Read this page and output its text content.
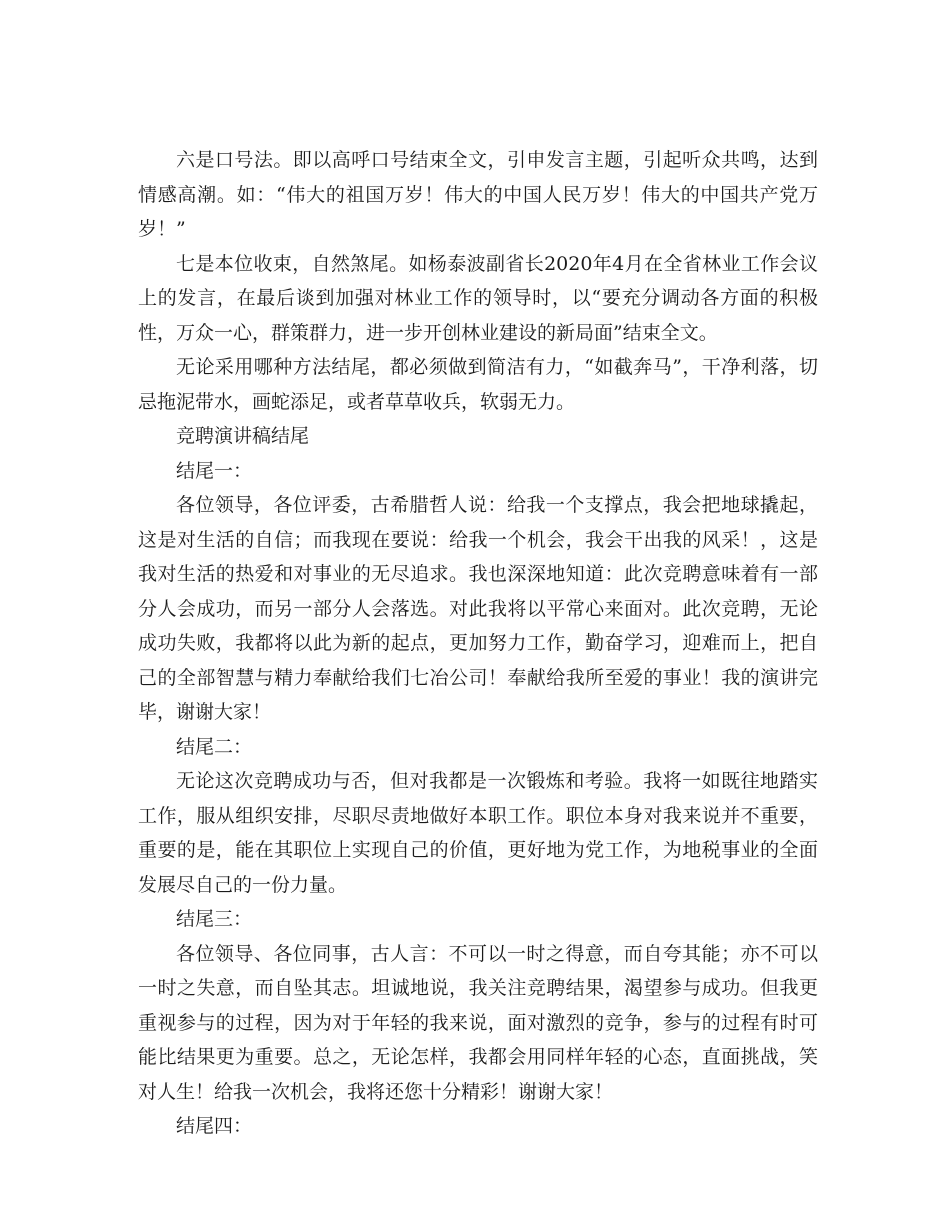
六是口号法。即以高呼口号结束全文，引申发言主题，引起听众共鸣，达到情感高潮。如：“伟大的祖国万岁！伟大的中国人民万岁！伟大的中国共产党万岁！”

七是本位收束，自然煞尾。如杨泰波副省长2020年4月在全省林业工作会议上的发言，在最后谈到加强对林业工作的领导时，以“要充分调动各方面的积极性，万众一心，群策群力，进一步开创林业建设的新局面”结束全文。

无论采用哪种方法结尾，都必须做到简洁有力，“如截奔马”，干净利落，切忌拖泥带水，画蛇添足，或者草草收兵，软弱无力。

竞聘演讲稿结尾

结尾一：

各位领导，各位评委，古希腊哲人说：给我一个支撑点，我会把地球撬起，这是对生活的自信；而我现在要说：给我一个机会，我会干出我的风采！，这是我对生活的热爱和对事业的无尽追求。我也深深地知道：此次竞聘意味着有一部分人会成功，而另一部分人会落选。对此我将以平常心来面对。此次竞聘，无论成功失败，我都将以此为新的起点，更加努力工作，勤奋学习，迎难而上，把自己的全部智慧与精力奉献给我们七冶公司！奉献给我所至爱的事业！我的演讲完毕，谢谢大家！

结尾二：

无论这次竞聘成功与否，但对我都是一次锻炼和考验。我将一如既往地踏实工作，服从组织安排，尽职尽责地做好本职工作。职位本身对我来说并不重要，重要的是，能在其职位上实现自己的价值，更好地为党工作，为地税事业的全面发展尽自己的一份力量。

结尾三：

各位领导、各位同事，古人言：不可以一时之得意，而自夸其能；亦不可以一时之失意，而自坠其志。坦诚地说，我关注竞聘结果，渴望参与成功。但我更重视参与的过程，因为对于年轻的我来说，面对激烈的竞争，参与的过程有时可能比结果更为重要。总之，无论怎样，我都会用同样年轻的心态，直面挑战，笑对人生！给我一次机会，我将还您十分精彩！谢谢大家！

结尾四：
